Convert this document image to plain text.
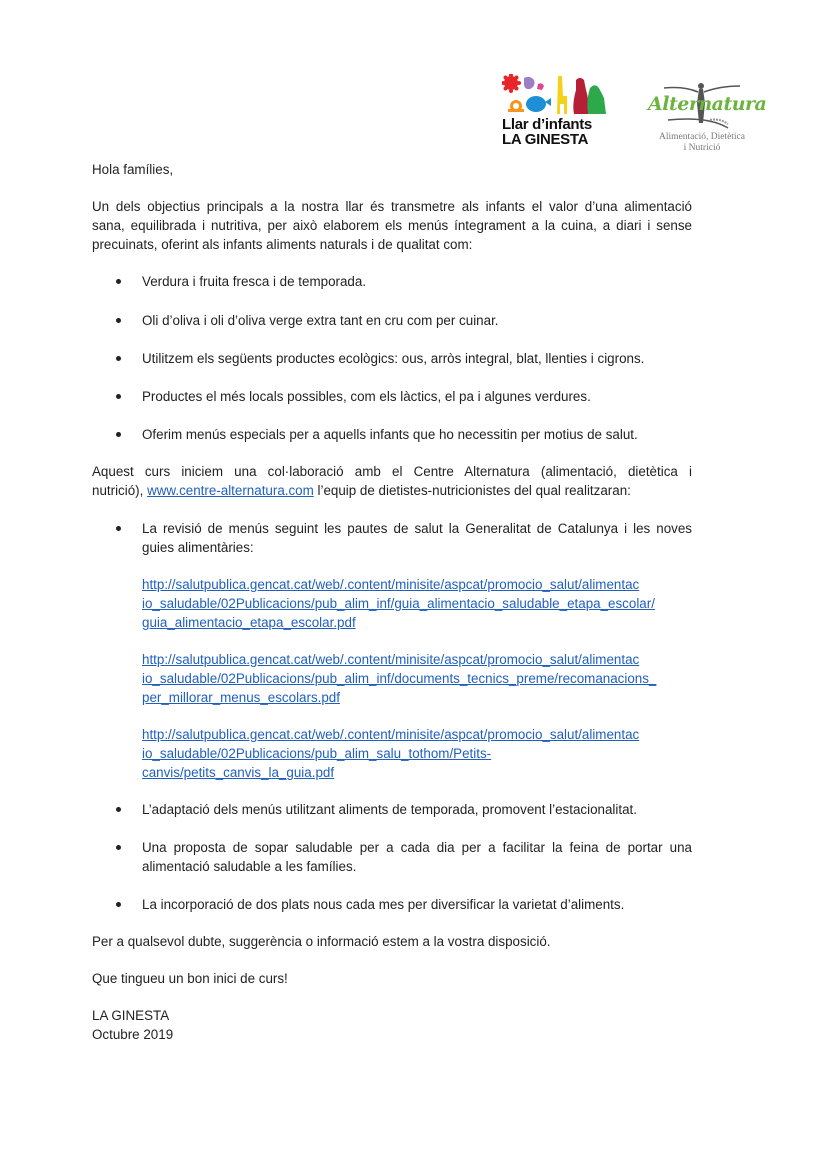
Llar d’infants
LA GINESTA
Alternatura
Alimentació, Dietètica
i Nutrició
Hola famílies,
Un dels objectius principals a la nostra llar és transmetre als infants el valor d’una alimentació
sana, equilibrada i nutritiva, per això elaborem els menús íntegrament a la cuina, a diari i sense
precuinats, oferint als infants aliments naturals i de qualitat com:
Verdura i fruita fresca i de temporada.
Oli d’oliva i oli d’oliva verge extra tant en cru com per cuinar.
Utilitzem els següents productes ecològics: ous, arròs integral, blat, llenties i cigrons.
Productes el més locals possibles, com els làctics, el pa i algunes verdures.
Oferim menús especials per a aquells infants que ho necessitin per motius de salut.
Aquest curs iniciem una col·laboració amb el Centre Alternatura (alimentació, dietètica i
nutrició), www.centre-alternatura.com l’equip de dietistes-nutricionistes del qual realitzaran:
La revisió de menús seguint les pautes de salut la Generalitat de Catalunya i les noves
guies alimentàries:
http://salutpublica.gencat.cat/web/.content/minisite/aspcat/promocio_salut/alimentac
io_saludable/02Publicacions/pub_alim_inf/guia_alimentacio_saludable_etapa_escolar/
guia_alimentacio_etapa_escolar.pdf
http://salutpublica.gencat.cat/web/.content/minisite/aspcat/promocio_salut/alimentac
io_saludable/02Publicacions/pub_alim_inf/documents_tecnics_preme/recomanacions_
per_millorar_menus_escolars.pdf
http://salutpublica.gencat.cat/web/.content/minisite/aspcat/promocio_salut/alimentac
io_saludable/02Publicacions/pub_alim_salu_tothom/Petits-
canvis/petits_canvis_la_guia.pdf
L’adaptació dels menús utilitzant aliments de temporada, promovent l’estacionalitat.
Una proposta de sopar saludable per a cada dia per a facilitar la feina de portar una
alimentació saludable a les famílies.
La incorporació de dos plats nous cada mes per diversificar la varietat d’aliments.
Per a qualsevol dubte, suggerència o informació estem a la vostra disposició.
Que tingueu un bon inici de curs!
LA GINESTA
Octubre 2019
